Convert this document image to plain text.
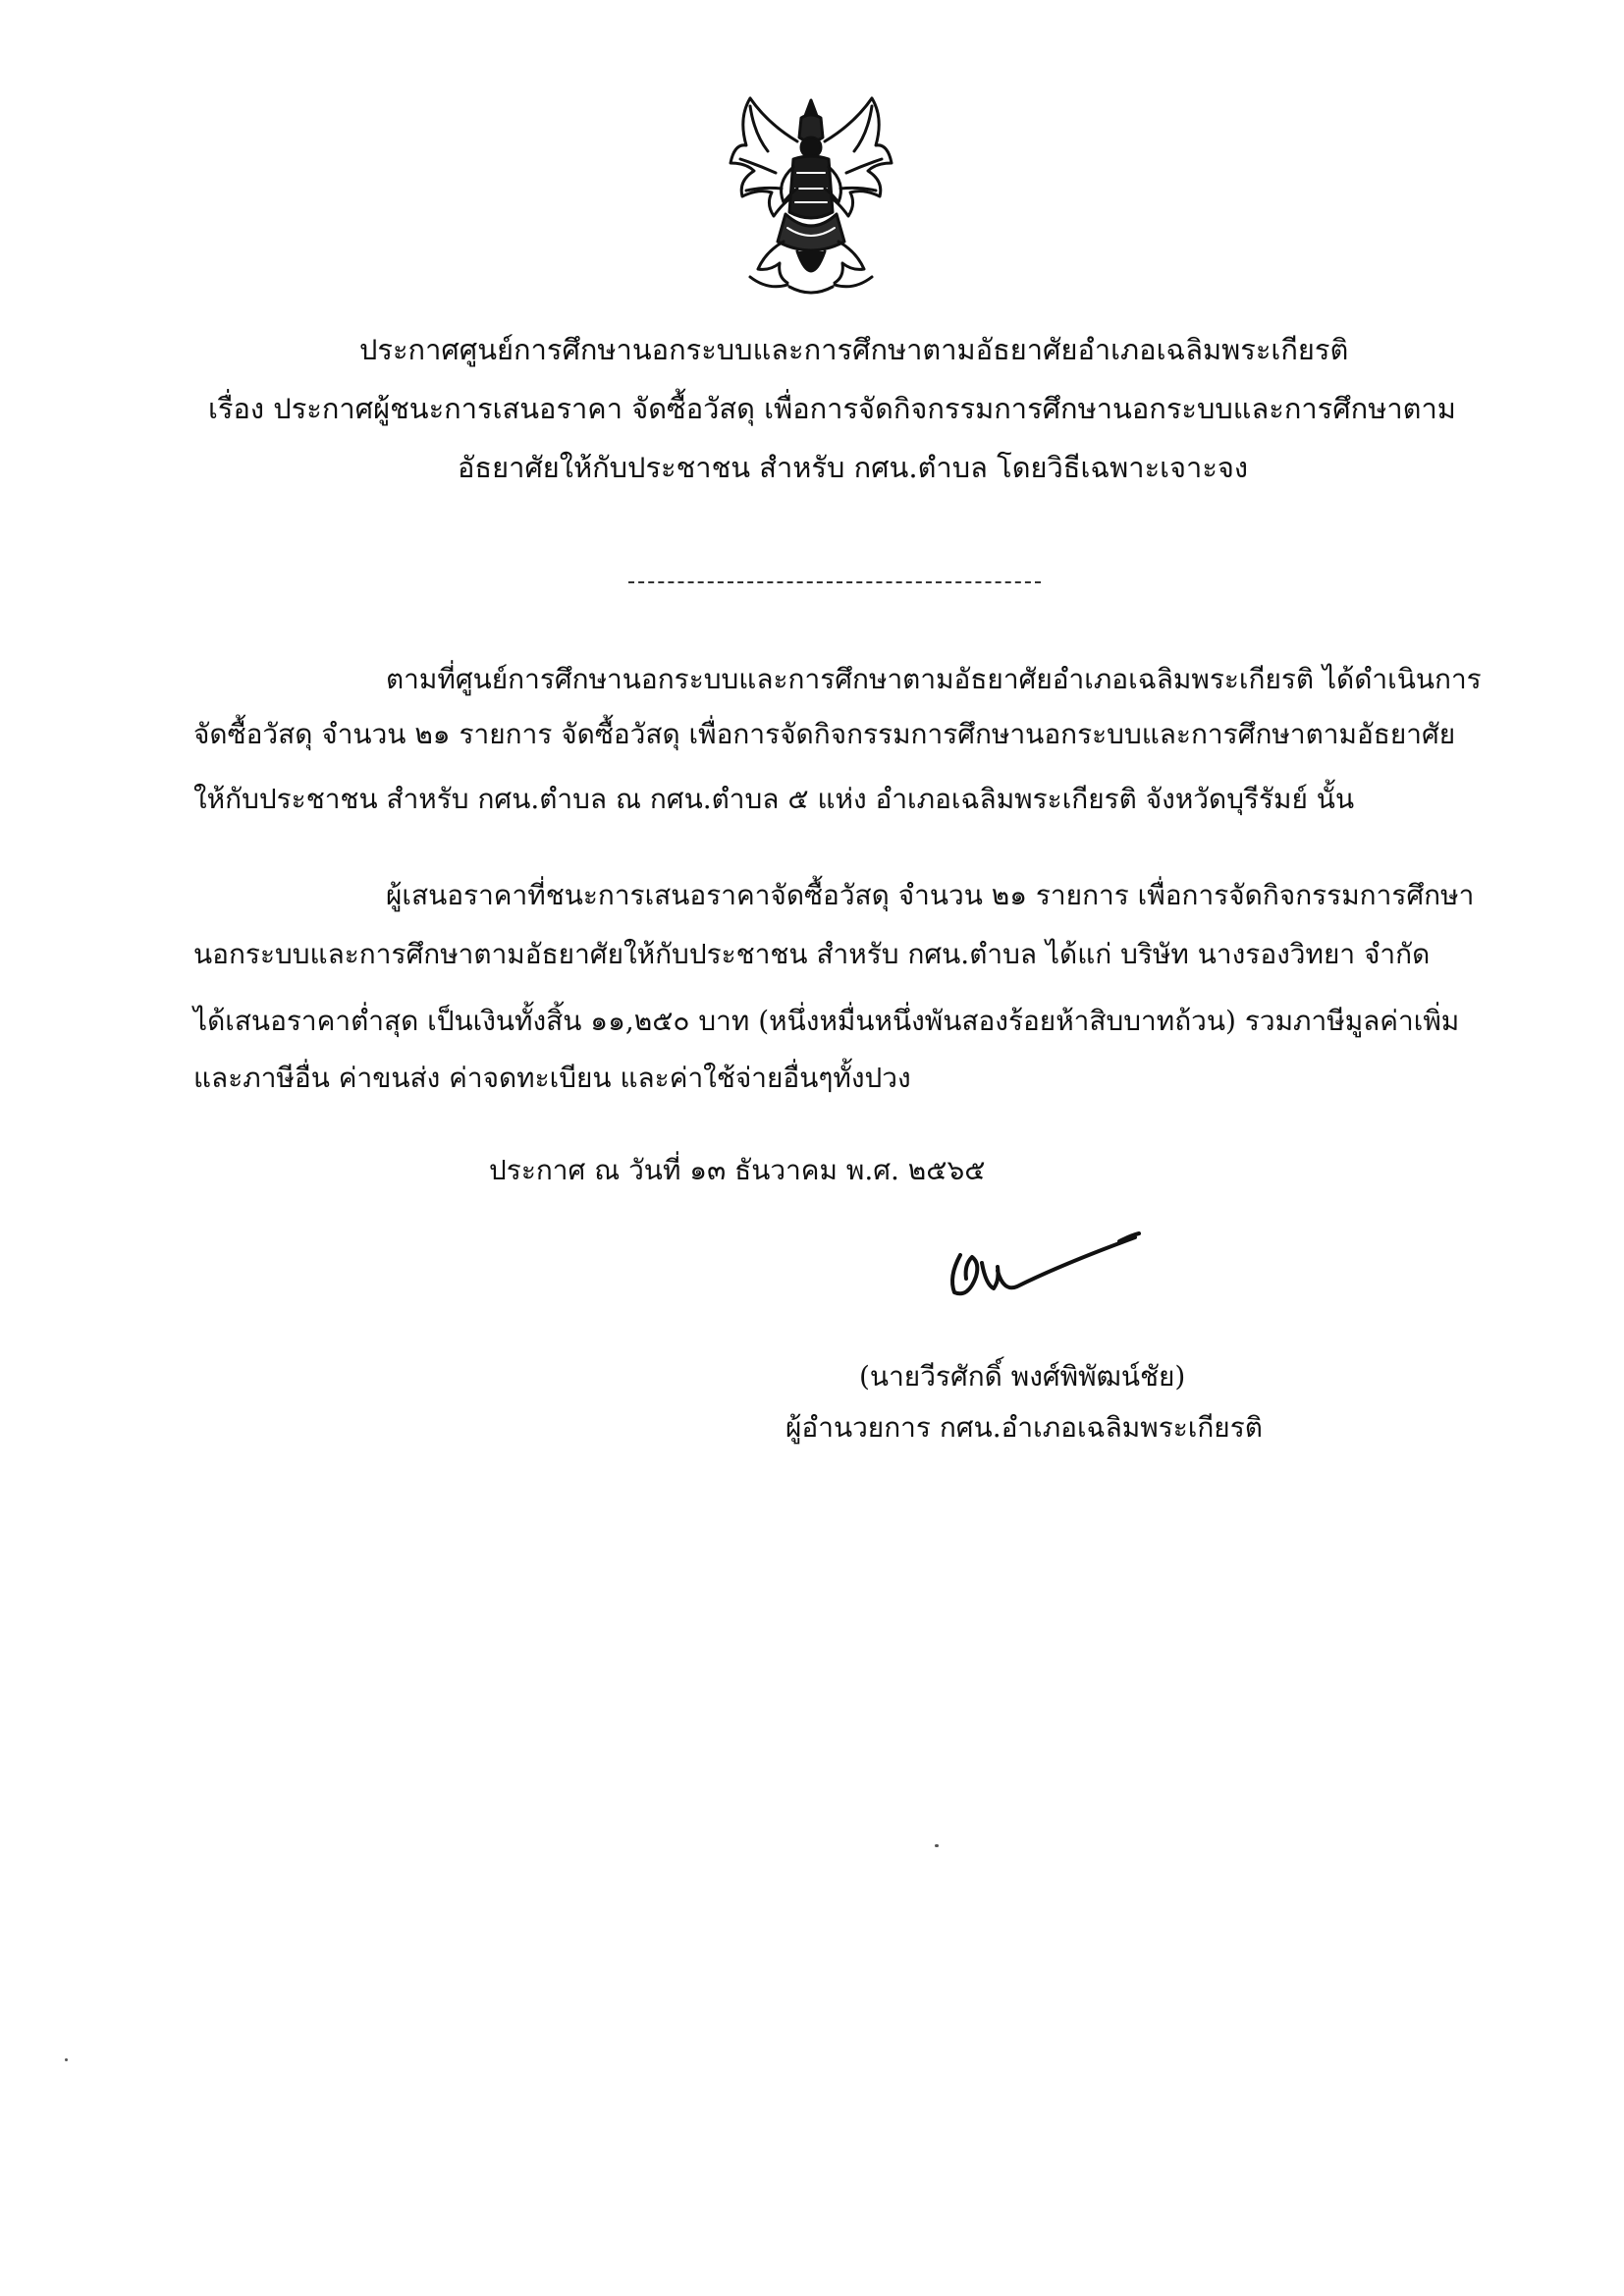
ประกาศศูนย์การศึกษานอกระบบและการศึกษาตามอัธยาศัยอำเภอเฉลิมพระเกียรติ
เรื่อง ประกาศผู้ชนะการเสนอราคา จัดซื้อวัสดุ เพื่อการจัดกิจกรรมการศึกษานอกระบบและการศึกษาตาม
อัธยาศัยให้กับประชาชน สำหรับ กศน.ตำบล โดยวิธีเฉพาะเจาะจง
ตามที่ศูนย์การศึกษานอกระบบและการศึกษาตามอัธยาศัยอำเภอเฉลิมพระเกียรติ ได้ดำเนินการ
จัดซื้อวัสดุ จำนวน ๒๑ รายการ จัดซื้อวัสดุ เพื่อการจัดกิจกรรมการศึกษานอกระบบและการศึกษาตามอัธยาศัย
ให้กับประชาชน สำหรับ กศน.ตำบล ณ กศน.ตำบล ๕ แห่ง อำเภอเฉลิมพระเกียรติ จังหวัดบุรีรัมย์ นั้น
ผู้เสนอราคาที่ชนะการเสนอราคาจัดซื้อวัสดุ จำนวน ๒๑ รายการ เพื่อการจัดกิจกรรมการศึกษา
นอกระบบและการศึกษาตามอัธยาศัยให้กับประชาชน สำหรับ กศน.ตำบล ได้แก่ บริษัท นางรองวิทยา จำกัด
ได้เสนอราคาต่ำสุด เป็นเงินทั้งสิ้น ๑๑,๒๕๐ บาท (หนึ่งหมื่นหนึ่งพันสองร้อยห้าสิบบาทถ้วน) รวมภาษีมูลค่าเพิ่ม
และภาษีอื่น ค่าขนส่ง ค่าจดทะเบียน และค่าใช้จ่ายอื่นๆทั้งปวง
ประกาศ ณ วันที่ ๑๓ ธันวาคม พ.ศ. ๒๕๖๕
(นายวีรศักดิ์ พงศ์พิพัฒน์ชัย)
ผู้อำนวยการ กศน.อำเภอเฉลิมพระเกียรติ
